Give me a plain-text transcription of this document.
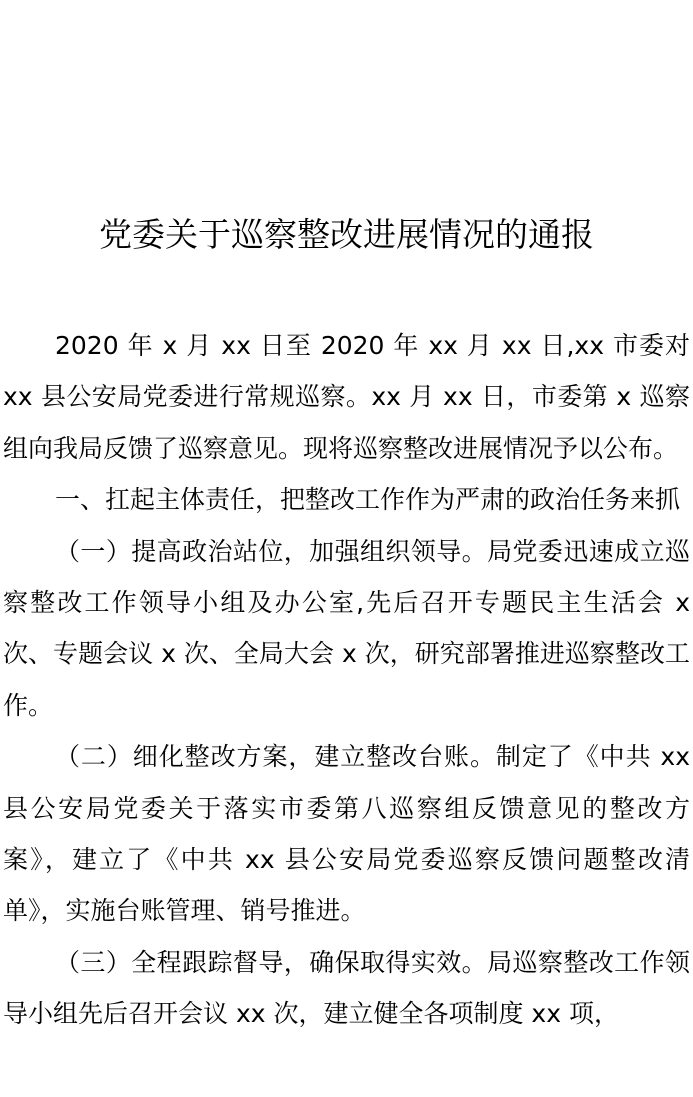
党委关于巡察整改进展情况的通报

2020 年 x 月 xx 日至 2020 年 xx 月 xx 日,xx 市委对 xx 县公安局党委进行常规巡察。xx 月 xx 日，市委第 x 巡察组向我局反馈了巡察意见。现将巡察整改进展情况予以公布。

一、扛起主体责任，把整改工作作为严肃的政治任务来抓

（一）提高政治站位，加强组织领导。局党委迅速成立巡察整改工作领导小组及办公室,先后召开专题民主生活会 x 次、专题会议 x 次、全局大会 x 次，研究部署推进巡察整改工作。

（二）细化整改方案，建立整改台账。制定了《中共 xx 县公安局党委关于落实市委第八巡察组反馈意见的整改方案》，建立了《中共 xx 县公安局党委巡察反馈问题整改清单》，实施台账管理、销号推进。

（三）全程跟踪督导，确保取得实效。局巡察整改工作领导小组先后召开会议 xx 次，建立健全各项制度 xx 项，
